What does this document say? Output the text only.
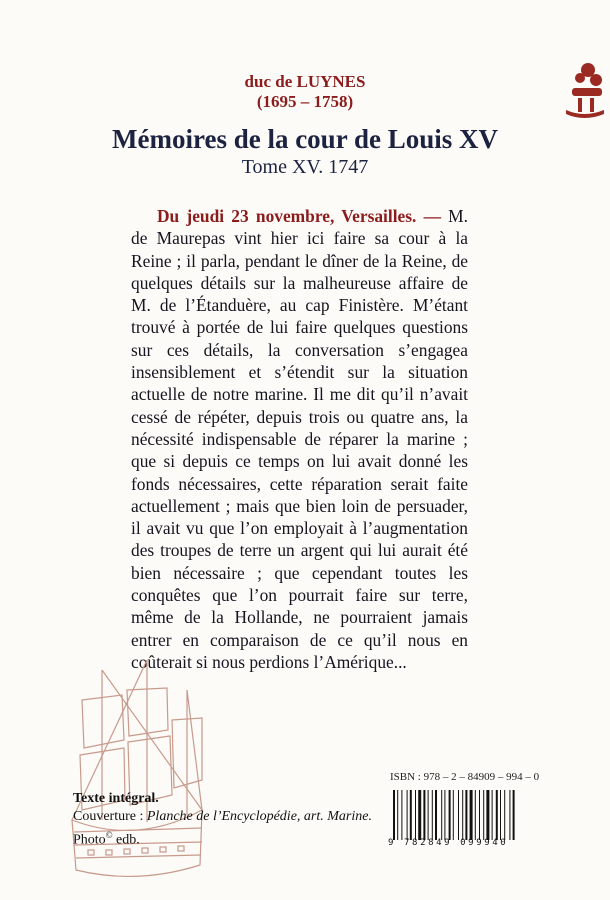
duc de LUYNES
(1695 – 1758)
Mémoires de la cour de Louis XV
Tome XV. 1747
Du jeudi 23 novembre, Versailles. — M. de Maurepas vint hier ici faire sa cour à la Reine ; il parla, pendant le dîner de la Reine, de quelques détails sur la malheureuse affaire de M. de l’Étanduère, au cap Finistère. M’étant trouvé à portée de lui faire quelques questions sur ces détails, la conversation s’engagea insensiblement et s’étendit sur la situation actuelle de notre marine. Il me dit qu’il n’avait cessé de répéter, depuis trois ou quatre ans, la nécessité indispensable de réparer la marine ; que si depuis ce temps on lui avait donné les fonds nécessaires, cette réparation serait faite actuellement ; mais que bien loin de persuader, il avait vu que l’on employait à l’augmentation des troupes de terre un argent qui lui aurait été bien nécessaire ; que cependant toutes les conquêtes que l’on pourrait faire sur terre, même de la Hollande, ne pourraient jamais entrer en comparaison de ce qu’il nous en coûterait si nous perdions l’Amérique...
ISBN : 978 – 2 – 84909 – 994 – 0
9 782849 099940
Texte intégral.
Couverture : Planche de l’Encyclopédie, art. Marine.
Photo© edb.
